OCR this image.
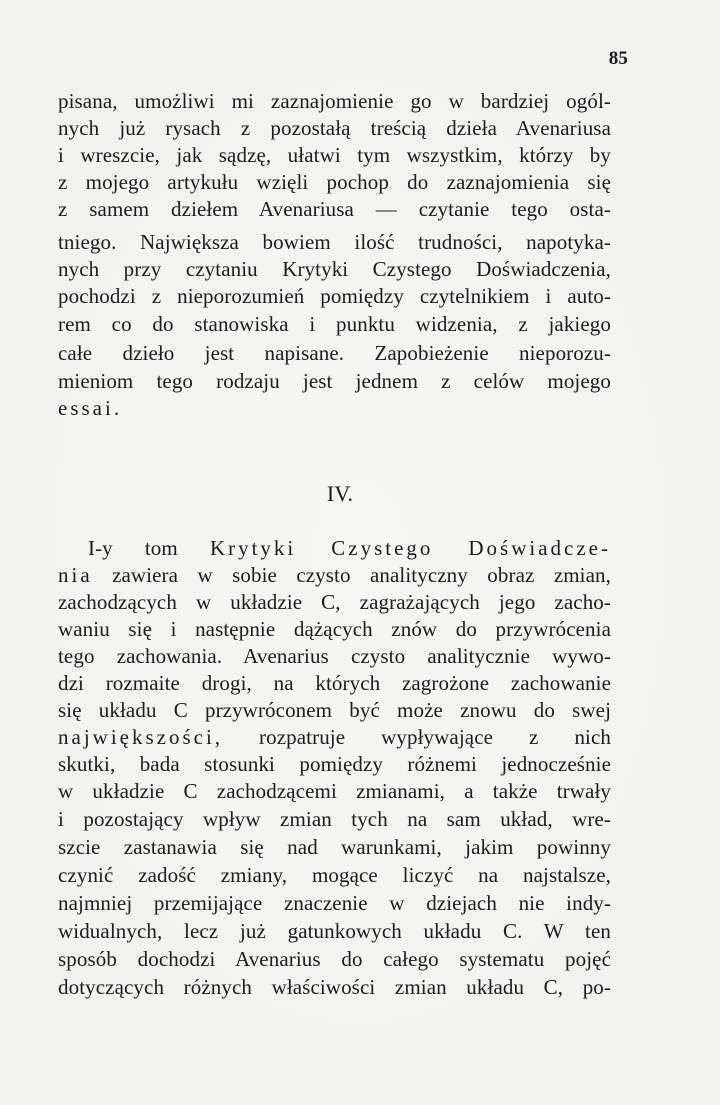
85
pisana, umożliwi mi zaznajomienie go w bardziej ogól-
nych już rysach z pozostałą treścią dzieła Avenariusa
i wreszcie, jak sądzę, ułatwi tym wszystkim, którzy by
z mojego artykułu wzięli pochop do zaznajomienia się
z samem dziełem Avenariusa — czytanie tego osta-
tniego. Największa bowiem ilość trudności, napotyka-
nych przy czytaniu Krytyki Czystego Doświadczenia,
pochodzi z nieporozumień pomiędzy czytelnikiem i auto-
rem co do stanowiska i punktu widzenia, z jakiego
całe dzieło jest napisane. Zapobieżenie nieporozu-
mieniom tego rodzaju jest jednem z celów mojego
essai.
IV.
I-y tom Krytyki Czystego Doświadcze-
nia zawiera w sobie czysto analityczny obraz zmian,
zachodzących w układzie C, zagrażających jego zacho-
waniu się i następnie dążących znów do przywrócenia
tego zachowania. Avenarius czysto analitycznie wywo-
dzi rozmaite drogi, na których zagrożone zachowanie
się układu C przywróconem być może znowu do swej
największości, rozpatruje wypływające z nich
skutki, bada stosunki pomiędzy różnemi jednocześnie
w układzie C zachodzącemi zmianami, a także trwały
i pozostający wpływ zmian tych na sam układ, wre-
szcie zastanawia się nad warunkami, jakim powinny
czynić zadość zmiany, mogące liczyć na najstalsze,
najmniej przemijające znaczenie w dziejach nie indy-
widualnych, lecz już gatunkowych układu C. W ten
sposób dochodzi Avenarius do całego systematu pojęć
dotyczących różnych właściwości zmian układu C, po-
